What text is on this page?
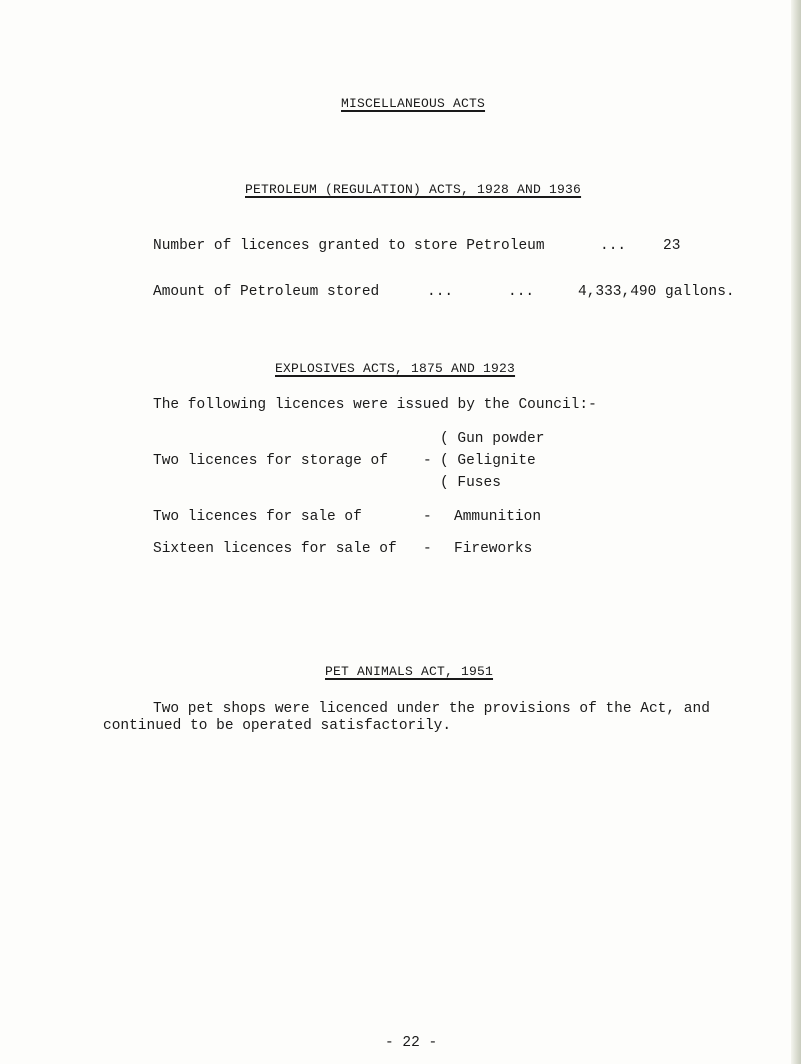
MISCELLANEOUS ACTS
PETROLEUM (REGULATION) ACTS, 1928 AND 1936
Number of licences granted to store Petroleum	...	23
Amount of Petroleum stored	...	...	4,333,490 gallons.
EXPLOSIVES ACTS, 1875 AND 1923
The following licences were issued by the Council:-
( Gun powder
Two licences for storage of - ( Gelignite
( Fuses
Two licences for sale of	- Ammunition
Sixteen licences for sale of - Fireworks
PET ANIMALS ACT, 1951
Two pet shops were licenced under the provisions of the Act, and
continued to be operated satisfactorily.
- 22 -
